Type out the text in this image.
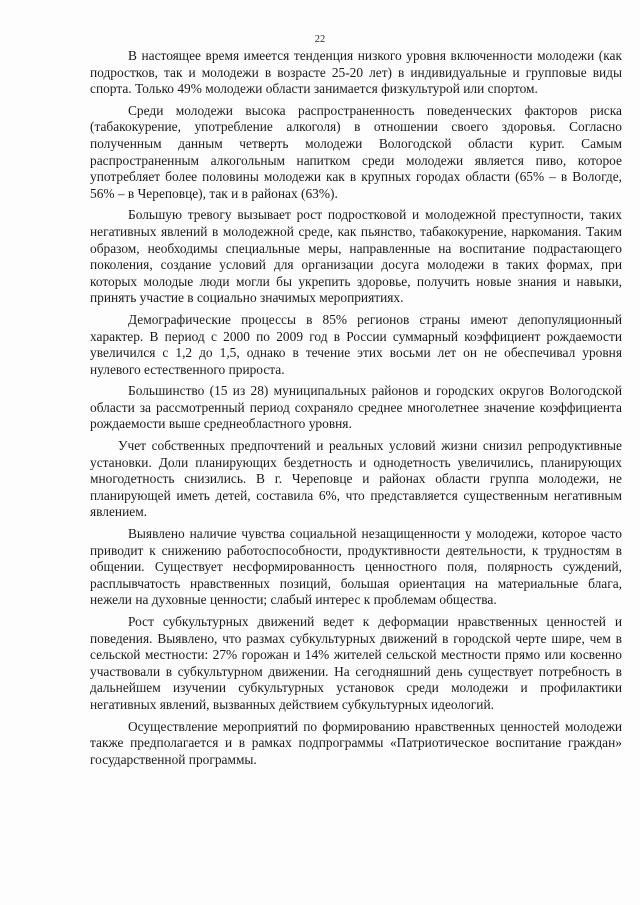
22

В настоящее время имеется тенденция низкого уровня включенности молодежи (как подростков, так и молодежи в возрасте 25-20 лет) в индивидуальные и групповые виды спорта. Только 49% молодежи области занимается физкультурой или спортом.

Среди молодежи высока распространенность поведенческих факторов риска (табакокурение, употребление алкоголя) в отношении своего здоровья. Согласно полученным данным четверть молодежи Вологодской области курит. Самым распространенным алкогольным напитком среди молодежи является пиво, которое употребляет более половины молодежи как в крупных городах области (65% – в Вологде, 56% – в Череповце), так и в районах (63%).

Большую тревогу вызывает рост подростковой и молодежной преступности, таких негативных явлений в молодежной среде, как пьянство, табакокурение, наркомания. Таким образом, необходимы специальные меры, направленные на воспитание подрастающего поколения, создание условий для организации досуга молодежи в таких формах, при которых молодые люди могли бы укрепить здоровье, получить новые знания и навыки, принять участие в социально значимых мероприятиях.

Демографические процессы в 85% регионов страны имеют депопуляционный характер. В период с 2000 по 2009 год в России суммарный коэффициент рождаемости увеличился с 1,2 до 1,5, однако в течение этих восьми лет он не обеспечивал уровня нулевого естественного прироста.

Большинство (15 из 28) муниципальных районов и городских округов Вологодской области за рассмотренный период сохраняло среднее многолетнее значение коэффициента рождаемости выше среднеобластного уровня.

Учет собственных предпочтений и реальных условий жизни снизил репродуктивные установки. Доли планирующих бездетность и однодетность увеличились, планирующих многодетность снизились. В г. Череповце и районах области группа молодежи, не планирующей иметь детей, составила 6%, что представляется существенным негативным явлением.

Выявлено наличие чувства социальной незащищенности у молодежи, которое часто приводит к снижению работоспособности, продуктивности деятельности, к трудностям в общении. Существует несформированность ценностного поля, полярность суждений, расплывчатость нравственных позиций, большая ориентация на материальные блага, нежели на духовные ценности; слабый интерес к проблемам общества.

Рост субкультурных движений ведет к деформации нравственных ценностей и поведения. Выявлено, что размах субкультурных движений в городской черте шире, чем в сельской местности: 27% горожан и 14% жителей сельской местности прямо или косвенно участвовали в субкультурном движении. На сегодняшний день существует потребность в дальнейшем изучении субкультурных установок среди молодежи и профилактики негативных явлений, вызванных действием субкультурных идеологий.

Осуществление мероприятий по формированию нравственных ценностей молодежи также предполагается и в рамках подпрограммы «Патриотическое воспитание граждан» государственной программы.
